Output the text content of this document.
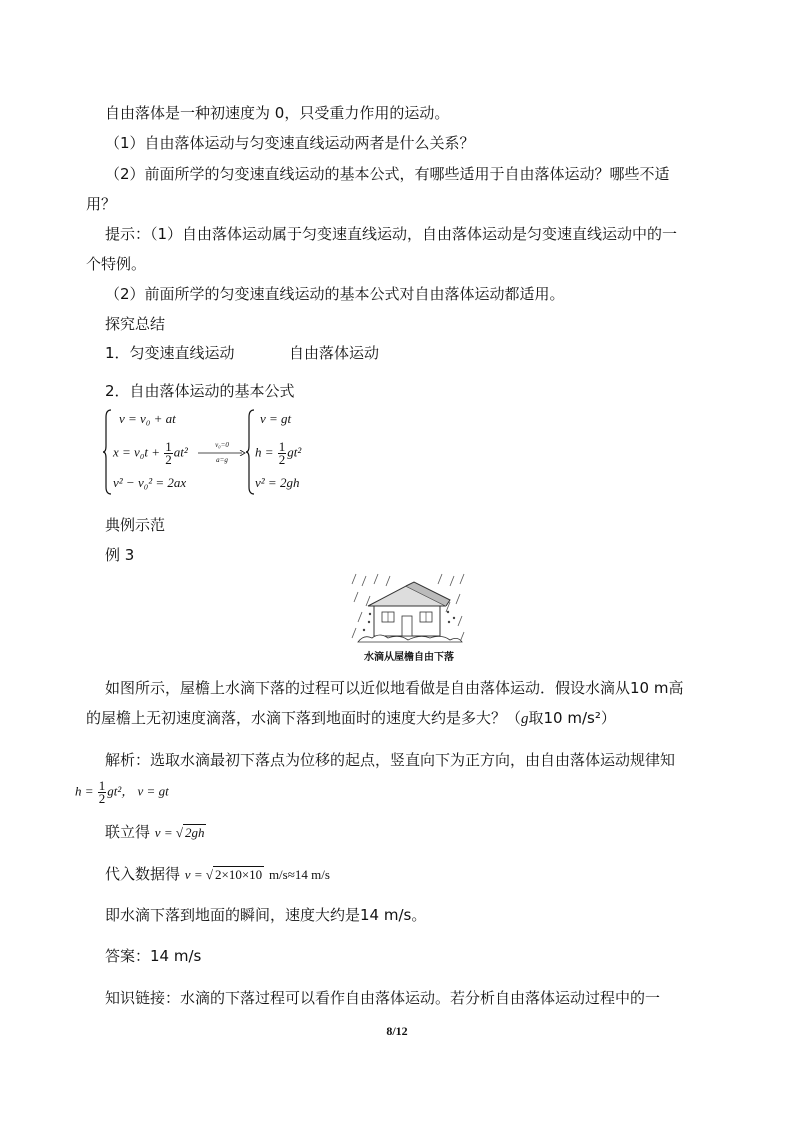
自由落体是一种初速度为 0，只受重力作用的运动。
（1）自由落体运动与匀变速直线运动两者是什么关系？
（2）前面所学的匀变速直线运动的基本公式，有哪些适用于自由落体运动？哪些不适
用？
提示：（1）自由落体运动属于匀变速直线运动，自由落体运动是匀变速直线运动中的一
个特例。
（2）前面所学的匀变速直线运动的基本公式对自由落体运动都适用。
探究总结
1．匀变速直线运动	自由落体运动
2．自由落体运动的基本公式
v = v₀ + at
$x = v_0t + \frac{1}{2} at^2$
v² − v₀² = 2ax
v₀=0
a=g
v = gt
$h = \frac{1}{2} gt^2$
v² = 2gh
典例示范
例 3
水滴从屋檐自由下落
如图所示，屋檐上水滴下落的过程可以近似地看做是自由落体运动．假设水滴从10 m高
的屋檐上无初速度滴落，水滴下落到地面时的速度大约是多大？（g取10 m/s²）
解析：选取水滴最初下落点为位移的起点，竖直向下为正方向，由自由落体运动规律知
$h = \frac{1}{2} gt^2$， v = gt
联立得 v = √ 2gh
代入数据得 v = √ 2×10×10 m/s≈14 m/s
即水滴下落到地面的瞬间，速度大约是14 m/s。
答案：14 m/s
知识链接：水滴的下落过程可以看作自由落体运动。若分析自由落体运动过程中的一
8/12
